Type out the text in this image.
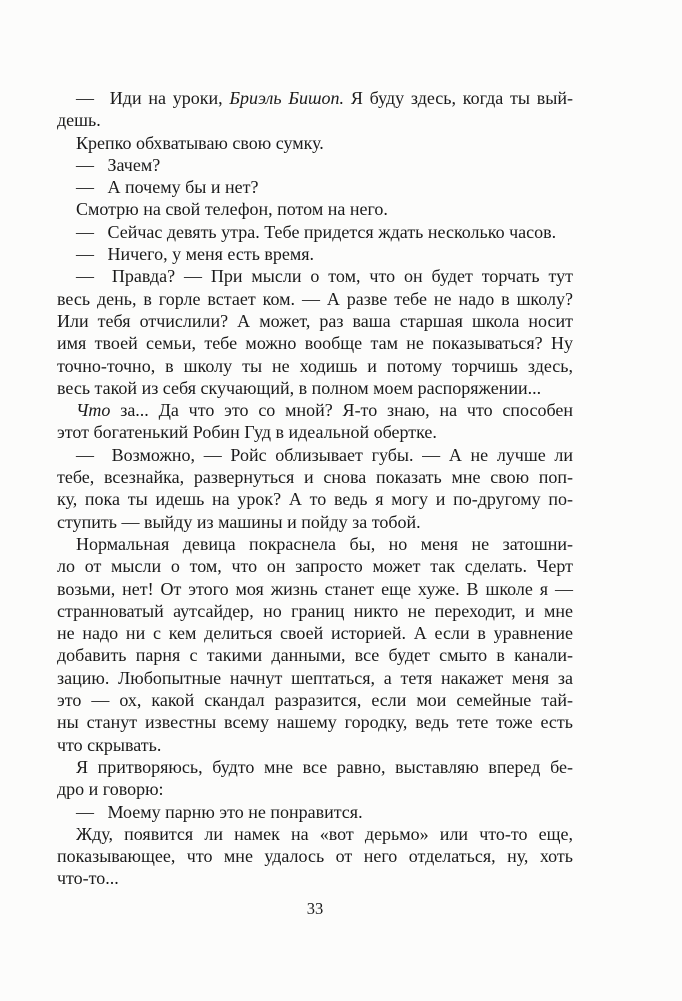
—  Иди на уроки, Бриэль Бишоп. Я буду здесь, когда ты вый-
дешь.
Крепко обхватываю свою сумку.
—  Зачем?
—  А почему бы и нет?
Смотрю на свой телефон, потом на него.
—  Сейчас девять утра. Тебе придется ждать несколько часов.
—  Ничего, у меня есть время.
—  Правда? — При мысли о том, что он будет торчать тут
весь день, в горле встает ком. — А разве тебе не надо в школу?
Или тебя отчислили? А может, раз ваша старшая школа носит
имя твоей семьи, тебе можно вообще там не показываться? Ну
точно-точно, в школу ты не ходишь и потому торчишь здесь,
весь такой из себя скучающий, в полном моем распоряжении...
Что за... Да что это со мной? Я-то знаю, на что способен
этот богатенький Робин Гуд в идеальной обертке.
—  Возможно, — Ройс облизывает губы. — А не лучше ли
тебе, всезнайка, развернуться и снова показать мне свою поп-
ку, пока ты идешь на урок? А то ведь я могу и по-другому по-
ступить — выйду из машины и пойду за тобой.
Нормальная девица покраснела бы, но меня не затошни-
ло от мысли о том, что он запросто может так сделать. Черт
возьми, нет! От этого моя жизнь станет еще хуже. В школе я —
странноватый аутсайдер, но границ никто не переходит, и мне
не надо ни с кем делиться своей историей. А если в уравнение
добавить парня с такими данными, все будет смыто в канали-
зацию. Любопытные начнут шептаться, а тетя накажет меня за
это — ох, какой скандал разразится, если мои семейные тай-
ны станут известны всему нашему городку, ведь тете тоже есть
что скрывать.
Я притворяюсь, будто мне все равно, выставляю вперед бе-
дро и говорю:
—  Моему парню это не понравится.
Жду, появится ли намек на «вот дерьмо» или что-то еще,
показывающее, что мне удалось от него отделаться, ну, хоть
что-то...
33
